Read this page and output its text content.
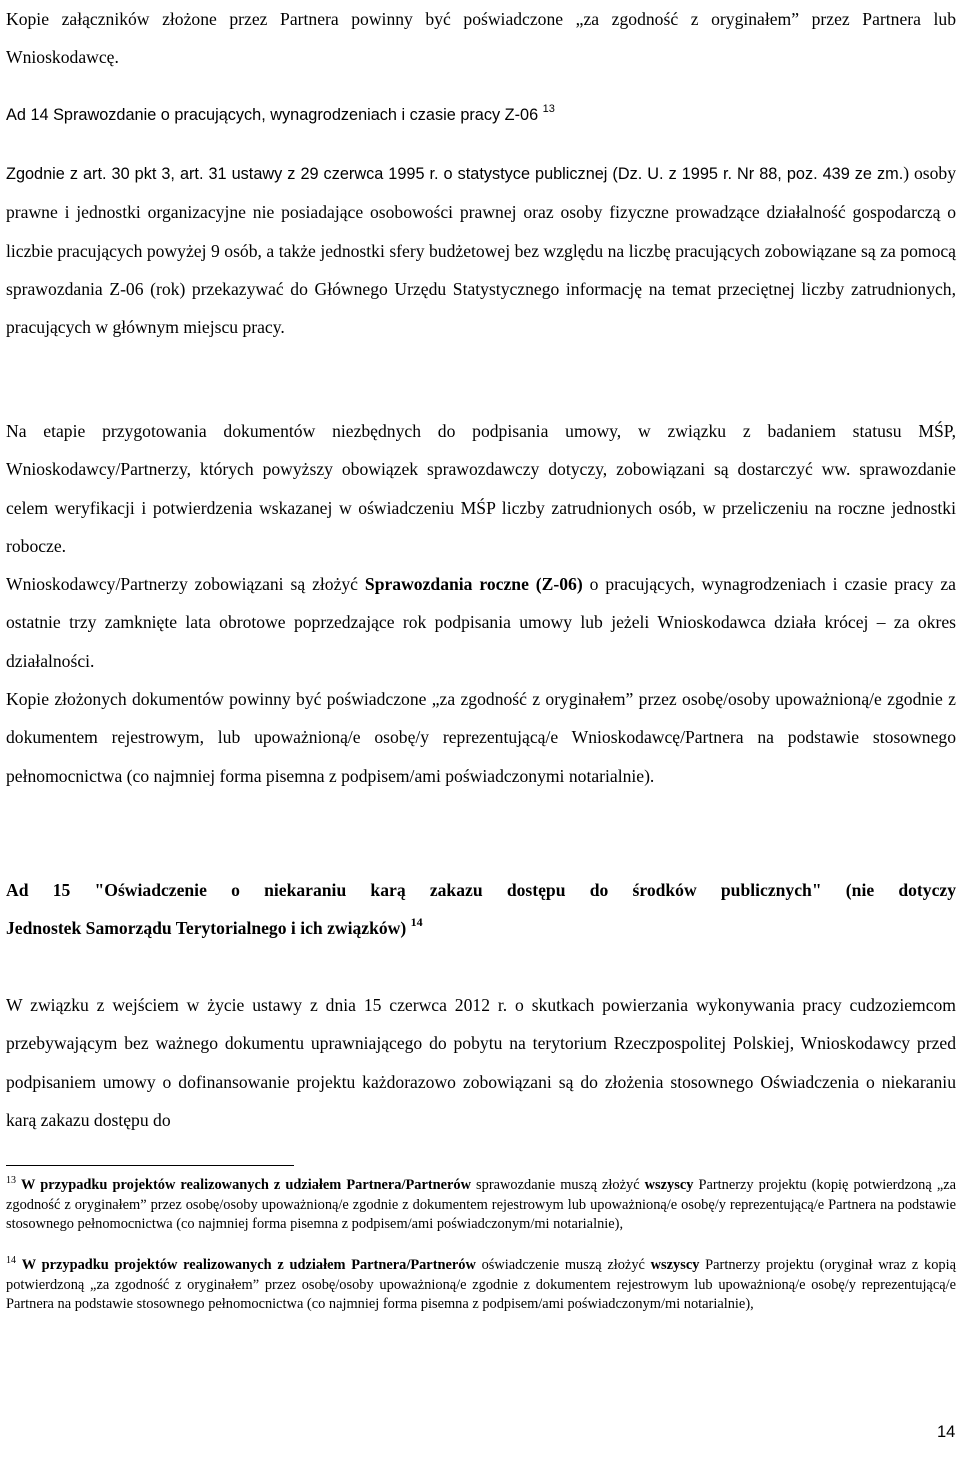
Kopie załączników złożone przez Partnera powinny być poświadczone „za zgodność z oryginałem” przez Partnera lub Wnioskodawcę.

Ad 14 Sprawozdanie o pracujących, wynagrodzeniach i czasie pracy Z-06 $^{13}$

Zgodnie z art. 30 pkt 3, art. 31 ustawy z 29 czerwca 1995 r. o statystyce publicznej (Dz. U. z 1995 r. Nr 88, poz. 439 ze zm.) osoby prawne i jednostki organizacyjne nie posiadające osobowości prawnej oraz osoby fizyczne prowadzące działalność gospodarczą o liczbie pracujących powyżej 9 osób, a także jednostki sfery budżetowej bez względu na liczbę pracujących zobowiązane są za pomocą sprawozdania Z-06 (rok) przekazywać do Głównego Urzędu Statystycznego informację na temat przeciętnej liczby zatrudnionych, pracujących w głównym miejscu pracy.

Na etapie przygotowania dokumentów niezbędnych do podpisania umowy, w związku z badaniem statusu MŚP, Wnioskodawcy/Partnerzy, których powyższy obowiązek sprawozdawczy dotyczy, zobowiązani są dostarczyć ww. sprawozdanie celem weryfikacji i potwierdzenia wskazanej w oświadczeniu MŚP liczby zatrudnionych osób, w przeliczeniu na roczne jednostki robocze.

Wnioskodawcy/Partnerzy zobowiązani są złożyć Sprawozdania roczne (Z-06) o pracujących, wynagrodzeniach i czasie pracy za ostatnie trzy zamknięte lata obrotowe poprzedzające rok podpisania umowy lub jeżeli Wnioskodawca działa krócej – za okres działalności.

Kopie złożonych dokumentów powinny być poświadczone „za zgodność z oryginałem” przez osobę/osoby upoważnioną/e zgodnie z dokumentem rejestrowym, lub upoważnioną/e osobę/y reprezentującą/e Wnioskodawcę/Partnera na podstawie stosownego pełnomocnictwa (co najmniej forma pisemna z podpisem/ami poświadczonymi notarialnie).

Ad 15 "Oświadczenie o niekaraniu karą zakazu dostępu do środków publicznych" (nie dotyczy

Jednostek Samorządu Terytorialnego i ich związków) $^{14}$

W związku z wejściem w życie ustawy z dnia 15 czerwca 2012 r. o skutkach powierzania wykonywania pracy cudzoziemcom przebywającym bez ważnego dokumentu uprawniającego do pobytu na terytorium Rzeczpospolitej Polskiej, Wnioskodawcy przed podpisaniem umowy o dofinansowanie projektu każdorazowo zobowiązani są do złożenia stosownego Oświadczenia o niekaraniu karą zakazu dostępu do

$^{13}$ W przypadku projektów realizowanych z udziałem Partnera/Partnerów sprawozdanie muszą złożyć wszyscy Partnerzy projektu (kopię potwierdzoną „za zgodność z oryginałem” przez osobę/osoby upoważnioną/e zgodnie z dokumentem rejestrowym lub upoważnioną/e osobę/y reprezentującą/e Partnera na podstawie stosownego pełnomocnictwa (co najmniej forma pisemna z podpisem/ami poświadczonym/mi notarialnie),

$^{14}$ W przypadku projektów realizowanych z udziałem Partnera/Partnerów oświadczenie muszą złożyć wszyscy Partnerzy projektu (oryginał wraz z kopią potwierdzoną „za zgodność z oryginałem” przez osobę/osoby upoważnioną/e zgodnie z dokumentem rejestrowym lub upoważnioną/e osobę/y reprezentującą/e Partnera na podstawie stosownego pełnomocnictwa (co najmniej forma pisemna z podpisem/ami poświadczonym/mi notarialnie),

14
